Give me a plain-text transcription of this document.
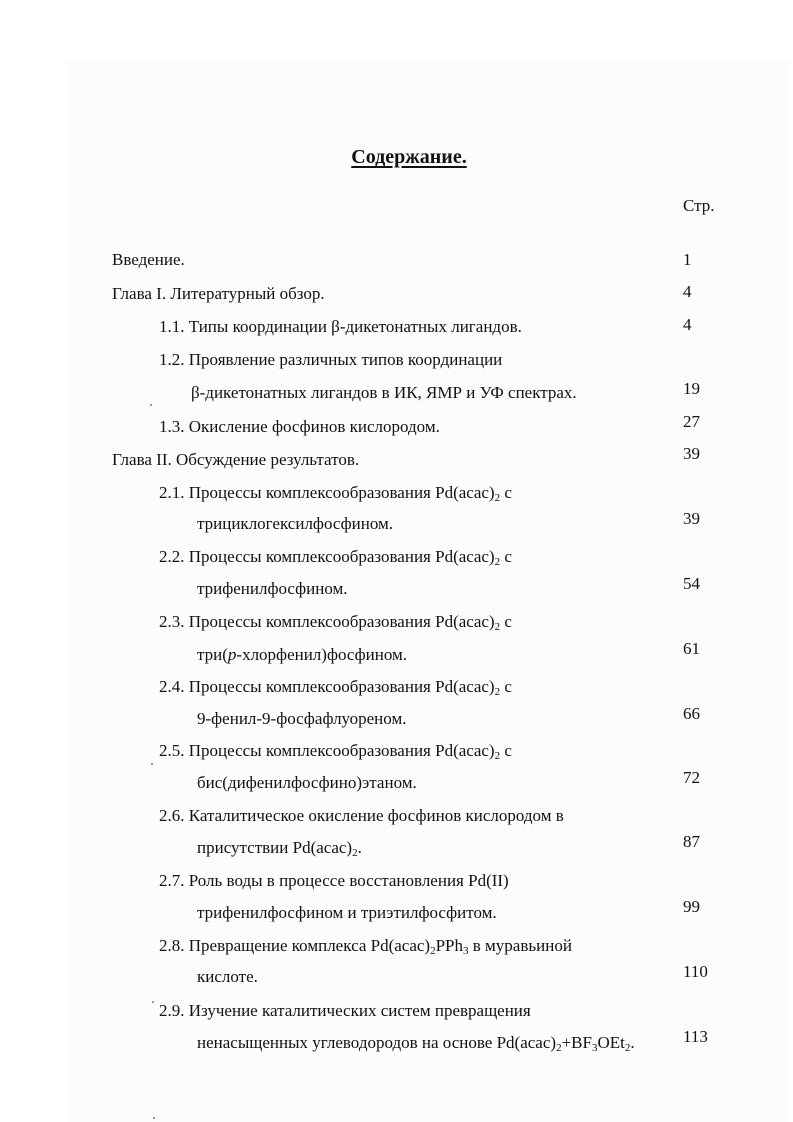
Содержание.
Стр.
Введение.	1
Глава I. Литературный обзор.	4
1.1. Типы координации β-дикетонатных лигандов.	4
1.2. Проявление различных типов координации
β-дикетонатных лигандов в ИК, ЯМР и УФ спектрах.	19
1.3. Окисление фосфинов кислородом.	27
Глава II. Обсуждение результатов.	39
2.1. Процессы комплексообразования $Pd(acac)_2$ с
трициклогексилфосфином.	39
2.2. Процессы комплексообразования $Pd(acac)_2$ с
трифенилфосфином.	54
2.3. Процессы комплексообразования $Pd(acac)_2$ с
три(р-хлорфенил)фосфином.	61
2.4. Процессы комплексообразования $Pd(acac)_2$ с
9-фенил-9-фосфафлуореном.	66
2.5. Процессы комплексообразования $Pd(acac)_2$ с
бис(дифенилфосфино)этаном.	72
2.6. Каталитическое окисление фосфинов кислородом в
присутствии $Pd(acac)_2$.	87
2.7. Роль воды в процессе восстановления Pd(II)
трифенилфосфином и триэтилфосфитом.	99
2.8. Превращение комплекса $Pd(acac)_2PPh_3$ в муравьиной
кислоте.	110
2.9. Изучение каталитических систем превращения
ненасыщенных углеводородов на основе $Pd(acac)_2+BF_3OEt_2$.	113
